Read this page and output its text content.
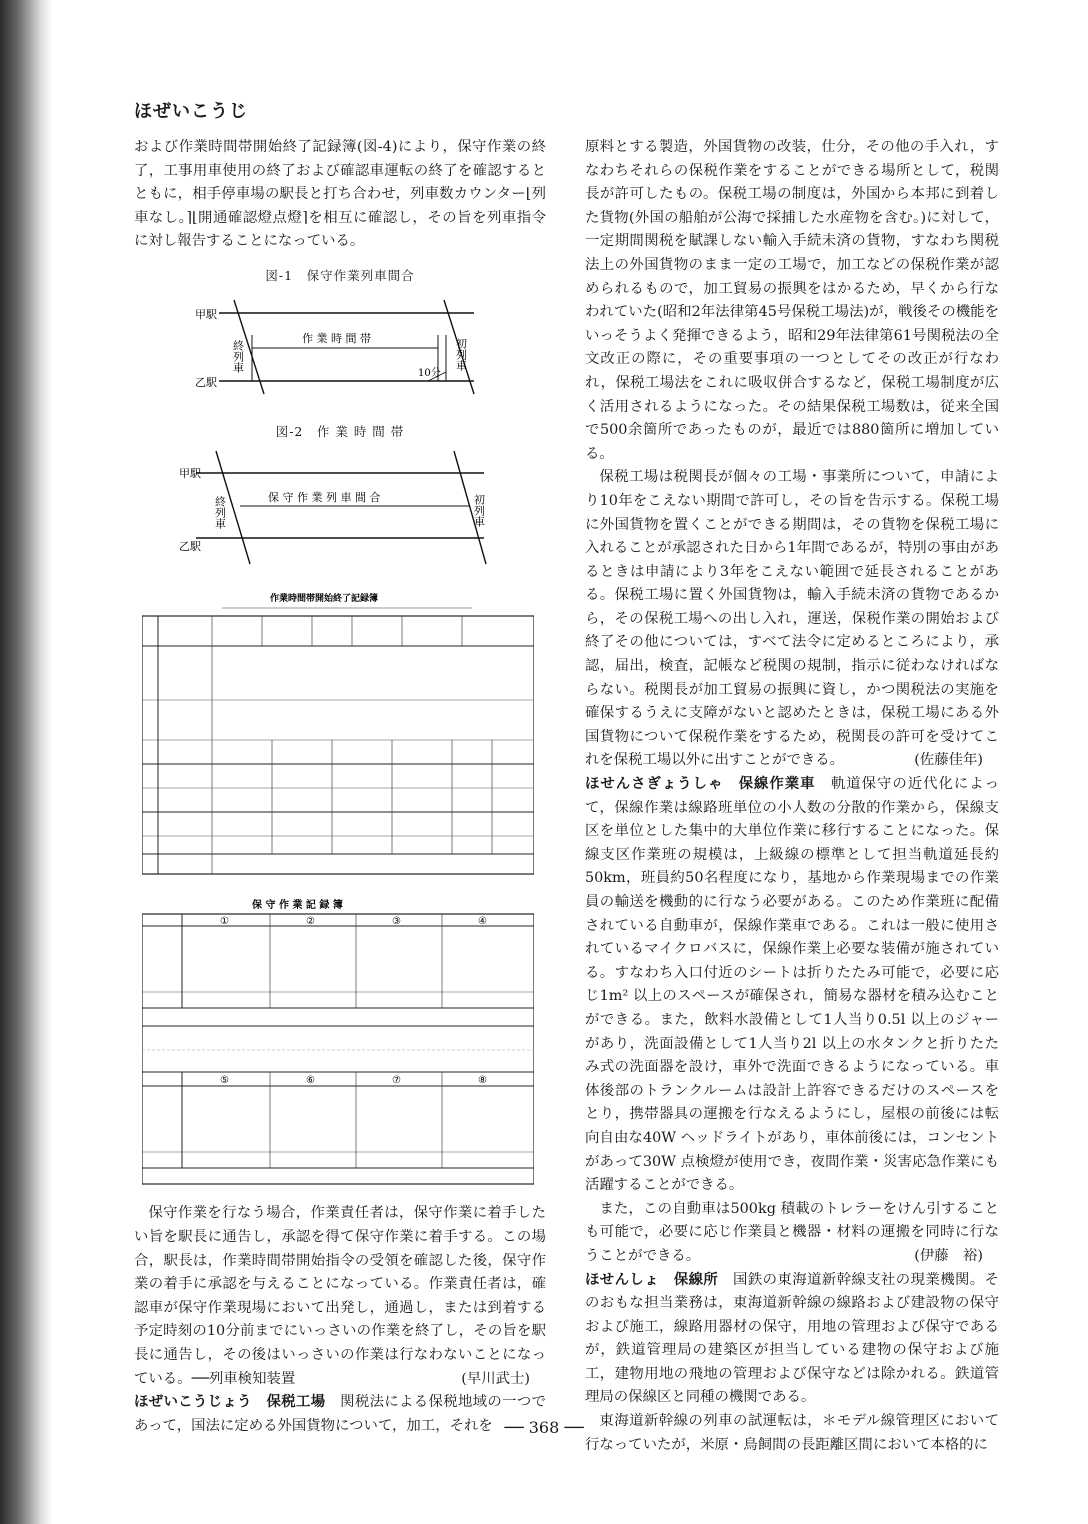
ほぜいこうじ

および作業時間帯開始終了記録簿(図-4)により，保守作業の終了，工事用車使用の終了および確認車運転の終了を確認するとともに，相手停車場の駅長と打ち合わせ，列車数カウンター⌊列車なし。⌉⌊開通確認燈点燈⌉を相互に確認し，その旨を列車指令に対し報告することになっている。

図-1　保守作業列車間合
甲駅
乙駅
作 業 時 間 帯
終列車	初列車
10分
図-2　作 業 時 間 帯
甲駅
乙駅
保 守 作 業 列 車 間 合
終列車	初列車
作業時間帯開始終了記録簿
保 守 作 業 記 録 簿
①	②	③	④
⑤	⑥	⑦	⑧

保守作業を行なう場合，作業責任者は，保守作業に着手したい旨を駅長に通告し，承認を得て保守作業に着手する。この場合，駅長は，作業時間帯開始指令の受領を確認した後，保守作業の着手に承認を与えることになっている。作業責任者は，確認車が保守作業現場において出発し，通過し，または到着する予定時刻の10分前までにいっさいの作業を終了し，その旨を駅長に通告し，その後はいっさいの作業は行なわないことになっている。──列車検知装置	(早川武士)

ほぜいこうじょう　保税工場　 関税法による保税地域の一つであって，国法に定める外国貨物について，加工，それを

原料とする製造，外国貨物の改装，仕分，その他の手入れ，すなわちそれらの保税作業をすることができる場所として，税関長が許可したもの。保税工場の制度は，外国から本邦に到着した貨物(外国の船舶が公海で採捕した水産物を含む。)に対して，一定期間関税を賦課しない輸入手続未済の貨物，すなわち関税法上の外国貨物のまま一定の工場で，加工などの保税作業が認められるもので，加工貿易の振興をはかるため，早くから行なわれていた(昭和2年法律第45号保税工場法)が，戦後その機能をいっそうよく発揮できるよう，昭和29年法律第61号関税法の全文改正の際に，その重要事項の一つとしてその改正が行なわれ，保税工場法をこれに吸収併合するなど，保税工場制度が広く活用されるようになった。その結果保税工場数は，従来全国で500余箇所であったものが，最近では880箇所に増加している。

保税工場は税関長が個々の工場・事業所について，申請により10年をこえない期間で許可し，その旨を告示する。保税工場に外国貨物を置くことができる期間は，その貨物を保税工場に入れることが承認された日から1年間であるが，特別の事由があるときは申請により3年をこえない範囲で延長されることがある。保税工場に置く外国貨物は，輸入手続未済の貨物であるから，その保税工場への出し入れ，運送，保税作業の開始および終了その他については，すべて法令に定めるところにより，承認，届出，検査，記帳など税関の規制，指示に従わなければならない。税関長が加工貿易の振興に資し，かつ関税法の実施を確保するうえに支障がないと認めたときは，保税工場にある外国貨物について保税作業をするため，税関長の許可を受けてこれを保税工場以外に出すことができる。	(佐藤佳年)

ほせんさぎょうしゃ　保線作業車　 軌道保守の近代化によって，保線作業は線路班単位の小人数の分散的作業から，保線支区を単位とした集中的大単位作業に移行することになった。保線支区作業班の規模は，上級線の標準として担当軌道延長約50km，班員約50名程度になり，基地から作業現場までの作業員の輸送を機動的に行なう必要がある。このため作業班に配備されている自動車が，保線作業車である。これは一般に使用されているマイクロバスに，保線作業上必要な装備が施されている。すなわち入口付近のシートは折りたたみ可能で，必要に応じ1m² 以上のスペースが確保され，簡易な器材を積み込むことができる。また，飲料水設備として1人当り0.5l 以上のジャーがあり，洗面設備として1人当り2l 以上の水タンクと折りたたみ式の洗面器を設け，車外で洗面できるようになっている。車体後部のトランクルームは設計上許容できるだけのスペースをとり，携帯器具の運搬を行なえるようにし，屋根の前後には転向自由な40W ヘッドライトがあり，車体前後には，コンセントがあって30W 点検燈が使用でき，夜間作業・災害応急作業にも活躍することができる。

また，この自動車は500kg 積載のトレラーをけん引することも可能で，必要に応じ作業員と機器・材料の運搬を同時に行なうことができる。	(伊藤　裕)

ほせんしょ　保線所　 国鉄の東海道新幹線支社の現業機関。そのおもな担当業務は，東海道新幹線の線路および建設物の保守および施工，線路用器材の保守，用地の管理および保守であるが，鉄道管理局の建築区が担当している建物の保守および施工，建物用地の飛地の管理および保守などは除かれる。鉄道管理局の保線区と同種の機関である。

東海道新幹線の列車の試運転は，＊モデル線管理区において行なっていたが，米原・鳥飼間の長距離区間において本格的に

── 368 ──
